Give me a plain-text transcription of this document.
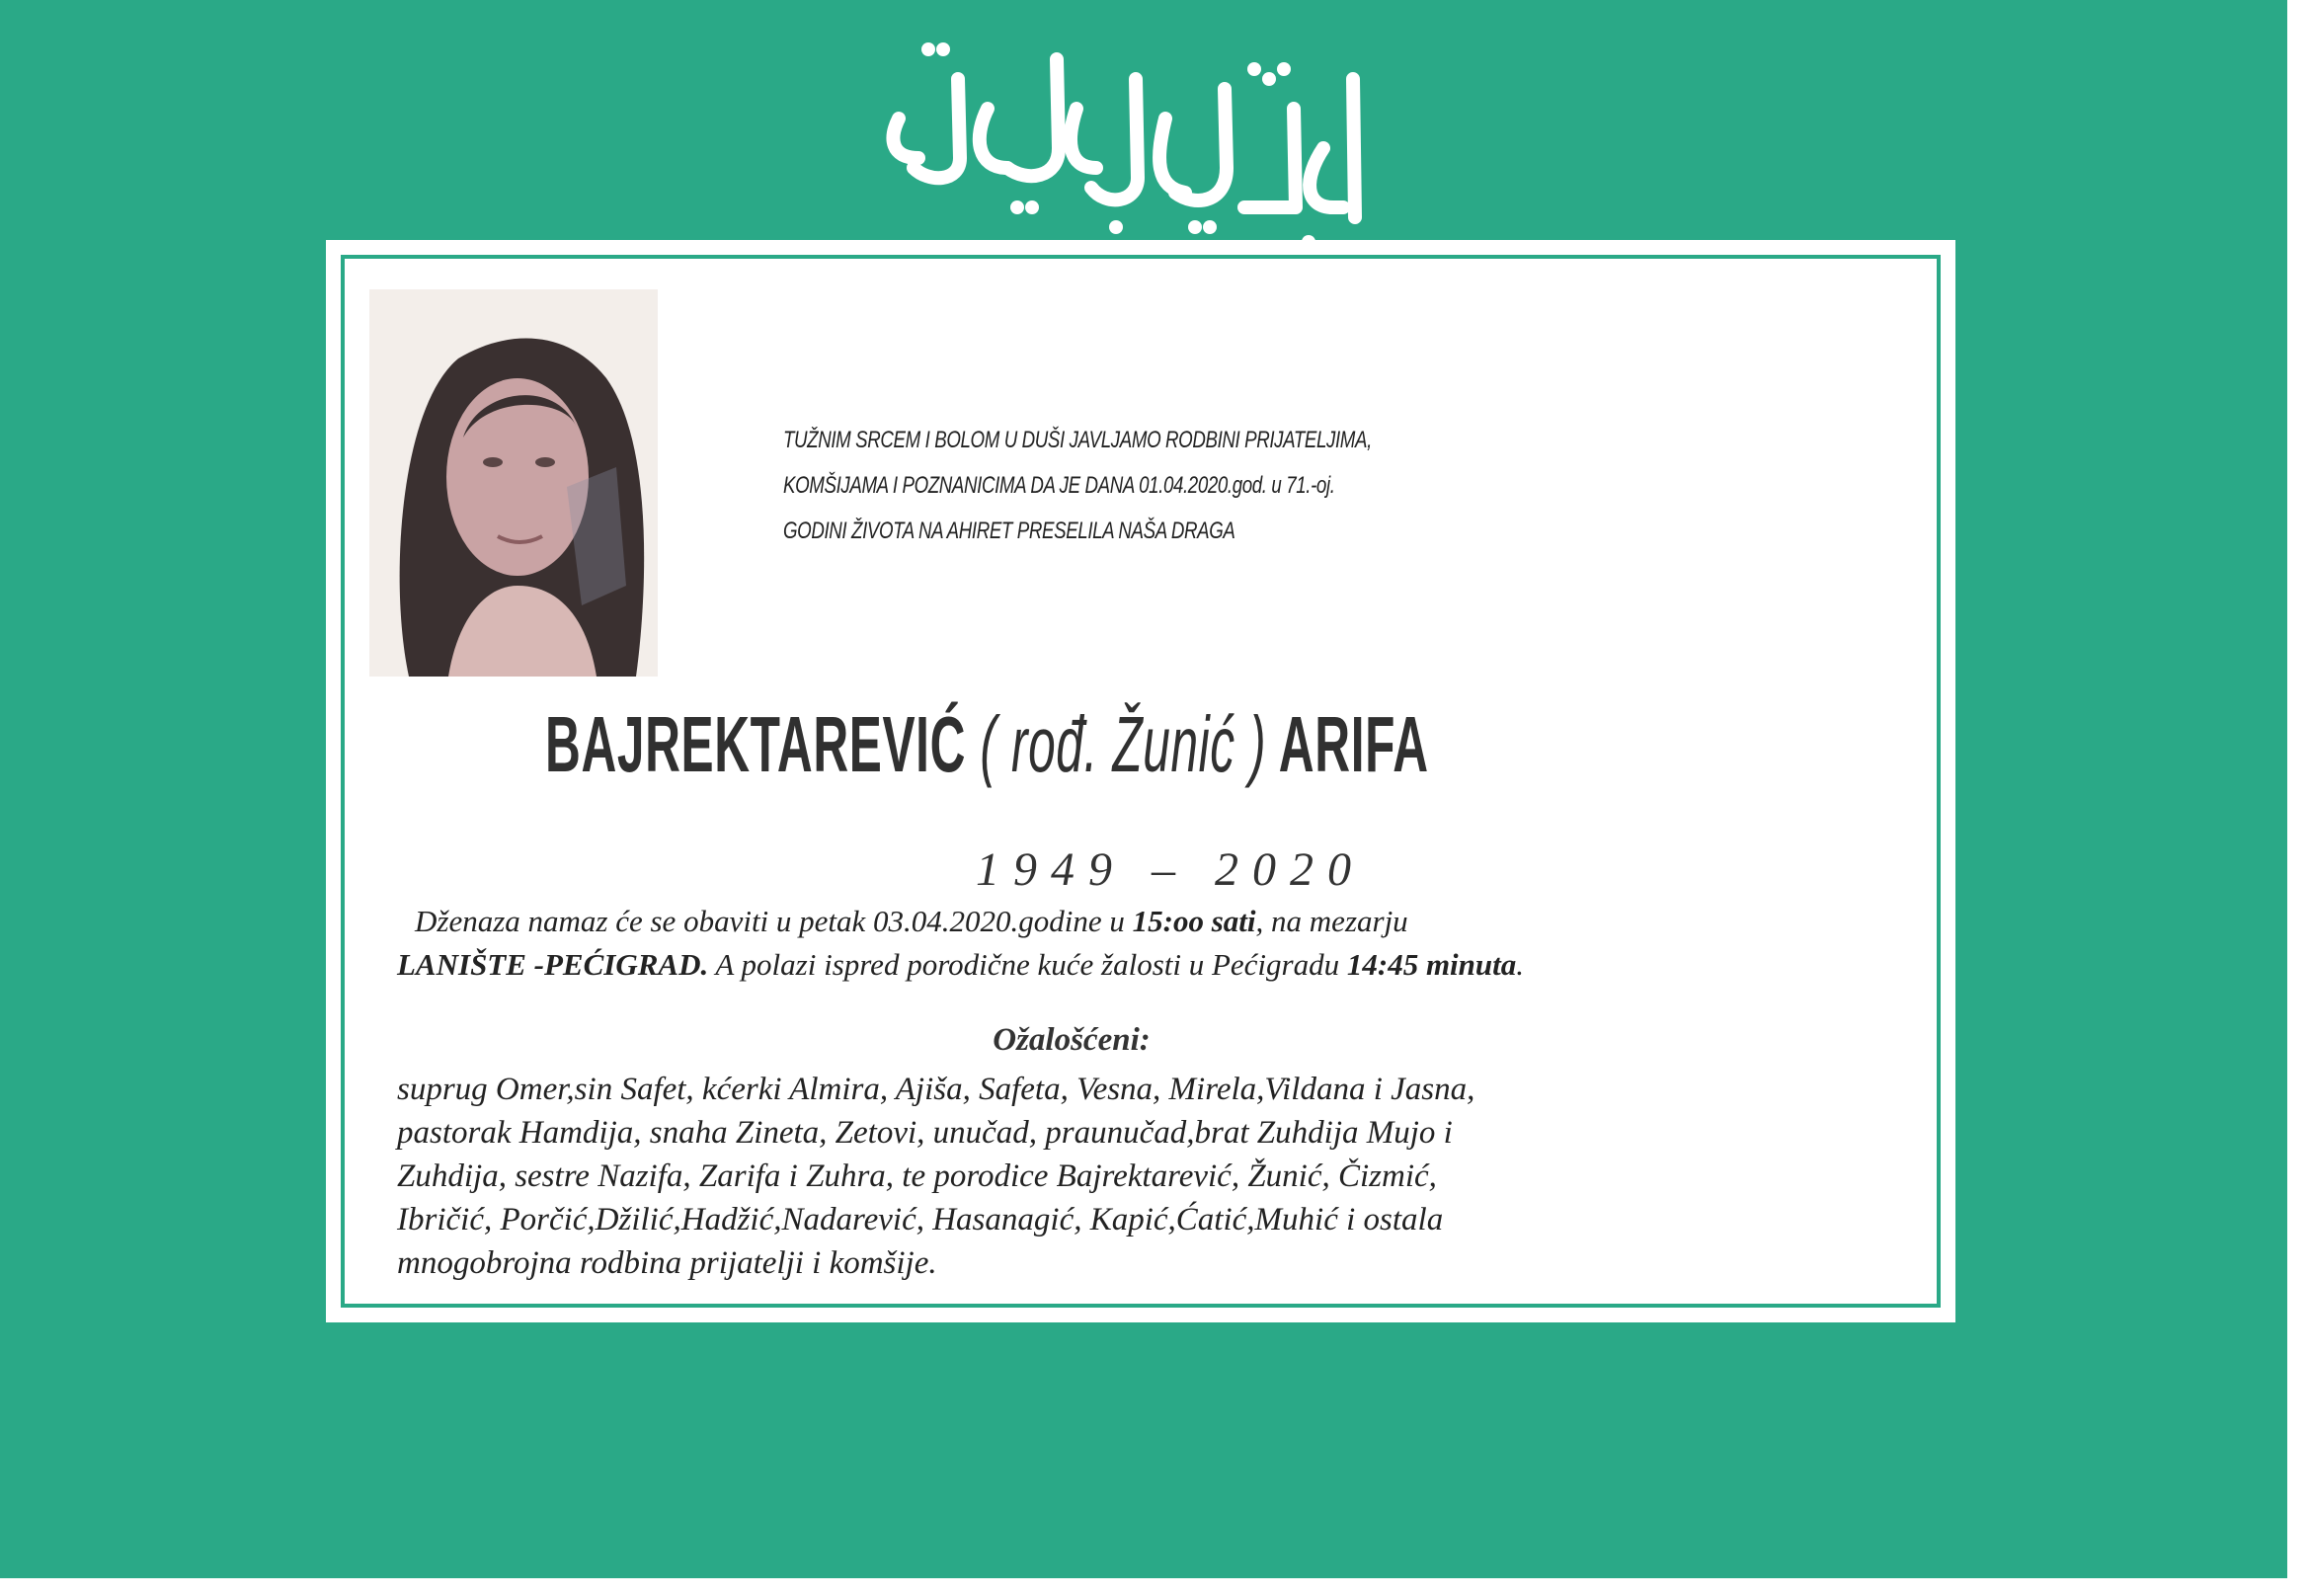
TUŽNIM SRCEM I BOLOM U DUŠI JAVLJAMO RODBINI PRIJATELJIMA,
KOMŠIJAMA I POZNANICIMA DA JE DANA 01.04.2020.god. u 71.-oj.
GODINI ŽIVOTA NA AHIRET PRESELILA NAŠA DRAGA
BAJREKTAREVIĆ ( rođ. Žunić ) ARIFA
1949 – 2020
Dženaza namaz će se obaviti u petak 03.04.2020.godine u 15:oo sati, na mezarju
LANIŠTE -PEĆIGRAD. A polazi ispred porodične kuće žalosti u Pećigradu 14:45 minuta.
Ožalošćeni:
suprug Omer,sin Safet, kćerki Almira, Ajiša, Safeta, Vesna, Mirela,Vildana i Jasna,
pastorak Hamdija, snaha Zineta, Zetovi, unučad, praunučad,brat Zuhdija Mujo i
Zuhdija, sestre Nazifa, Zarifa i Zuhra, te porodice Bajrektarević, Žunić, Čizmić,
Ibričić, Porčić,Džilić,Hadžić,Nadarević, Hasanagić, Kapić,Ćatić,Muhić i ostala
mnogobrojna rodbina prijatelji i komšije.
